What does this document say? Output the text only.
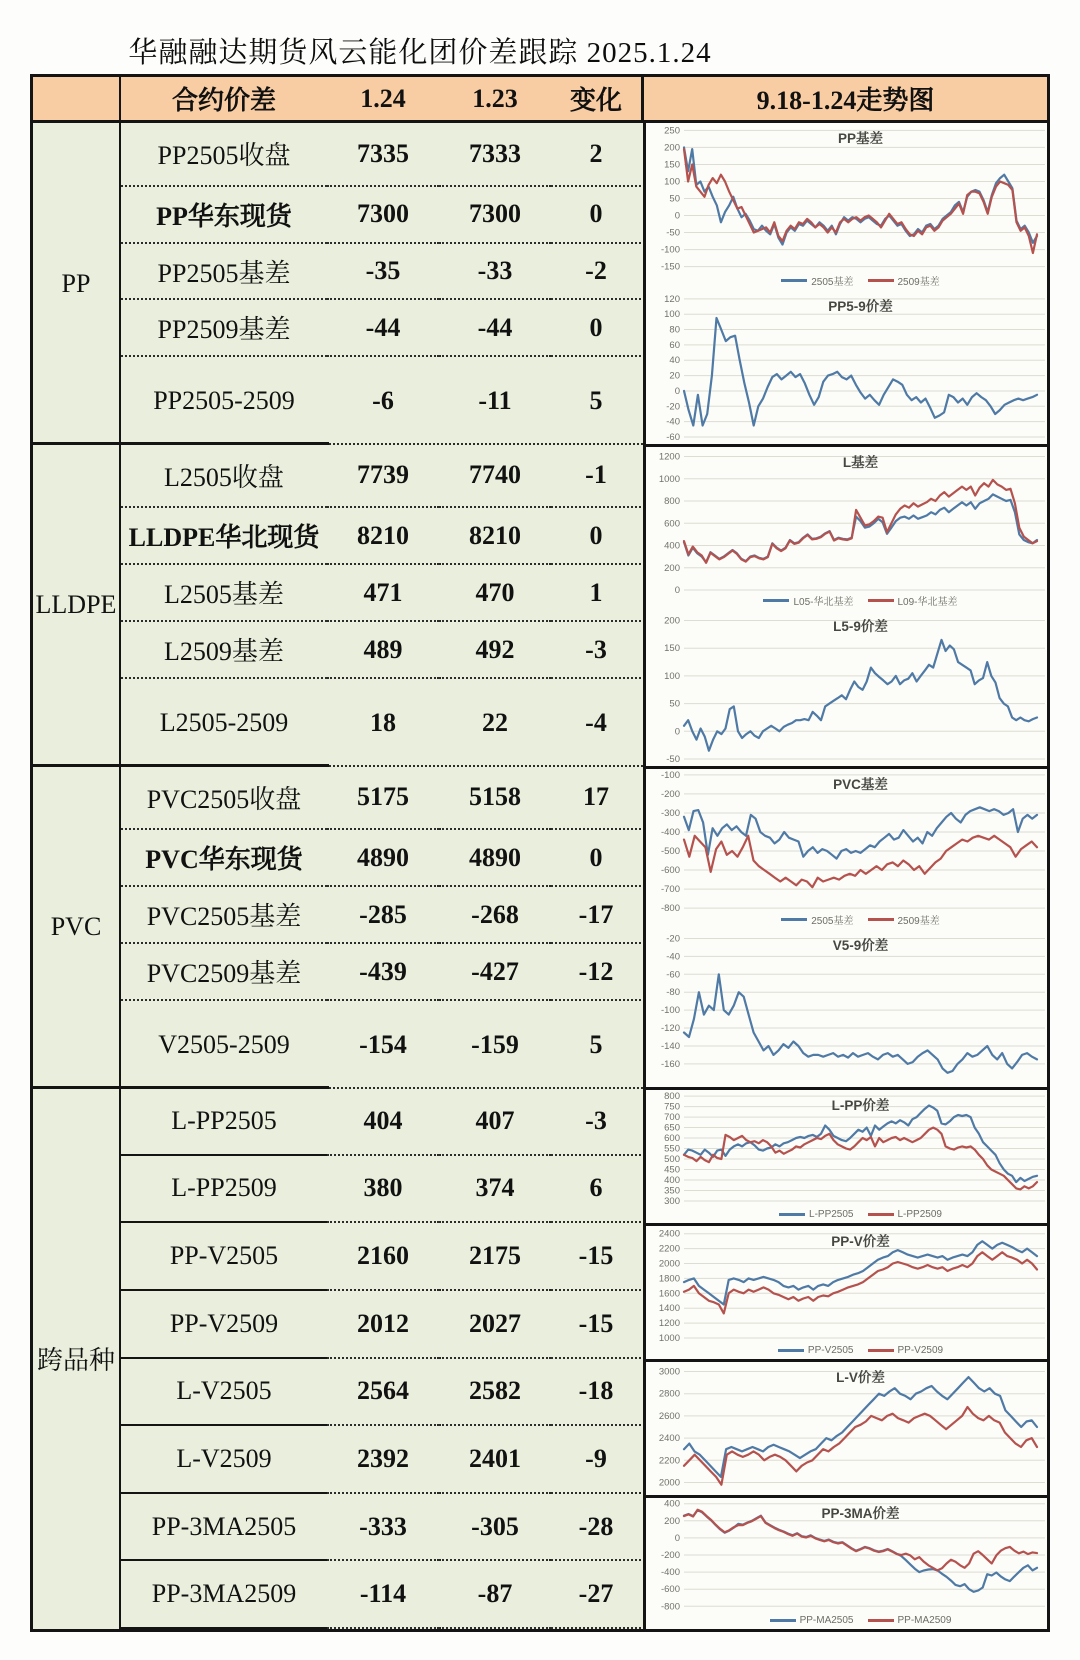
华融融达期货风云能化团价差跟踪 2025.1.24
合约价差	1.24	1.23	变化	9.18-1.24走势图
PP
PP2505收盘	7335	7333	2
PP华东现货	7300	7300	0
PP2505基差	-35	-33	-2
PP2509基差	-44	-44	0
PP2505-2509	-6	-11	5
LLDPE
L2505收盘	7739	7740	-1
LLDPE华北现货	8210	8210	0
L2505基差	471	470	1
L2509基差	489	492	-3
L2505-2509	18	22	-4
PVC
PVC2505收盘	5175	5158	17
PVC华东现货	4890	4890	0
PVC2505基差	-285	-268	-17
PVC2509基差	-439	-427	-12
V2505-2509	-154	-159	5
跨品种
L-PP2505	404	407	-3
L-PP2509	380	374	6
PP-V2505	2160	2175	-15
PP-V2509	2012	2027	-15
L-V2505	2564	2582	-18
L-V2509	2392	2401	-9
PP-3MA2505	-333	-305	-28
PP-3MA2509	-114	-87	-27
250
200
150
100
50
0
-50
-100
-150
PP基差
2505基差	2509基差
120
100
80
60
40
20
0
-20
-40
-60
PP5-9价差
1200
1000
800
600
400
200
0
L基差
L05-华北基差	L09-华北基差
200
150
100
50
0
-50
L5-9价差
-100
-200
-300
-400
-500
-600
-700
-800
PVC基差
2505基差	2509基差
-20
-40
-60
-80
-100
-120
-140
-160
V5-9价差
800
750
700
650
600
550
500
450
400
350
300
L-PP价差
L-PP2505	L-PP2509
2400
2200
2000
1800
1600
1400
1200
1000
PP-V价差
PP-V2505	PP-V2509
3000
2800
2600
2400
2200
2000
L-V价差
400
200
0
-200
-400
-600
-800
PP-3MA价差
PP-MA2505	PP-MA2509
